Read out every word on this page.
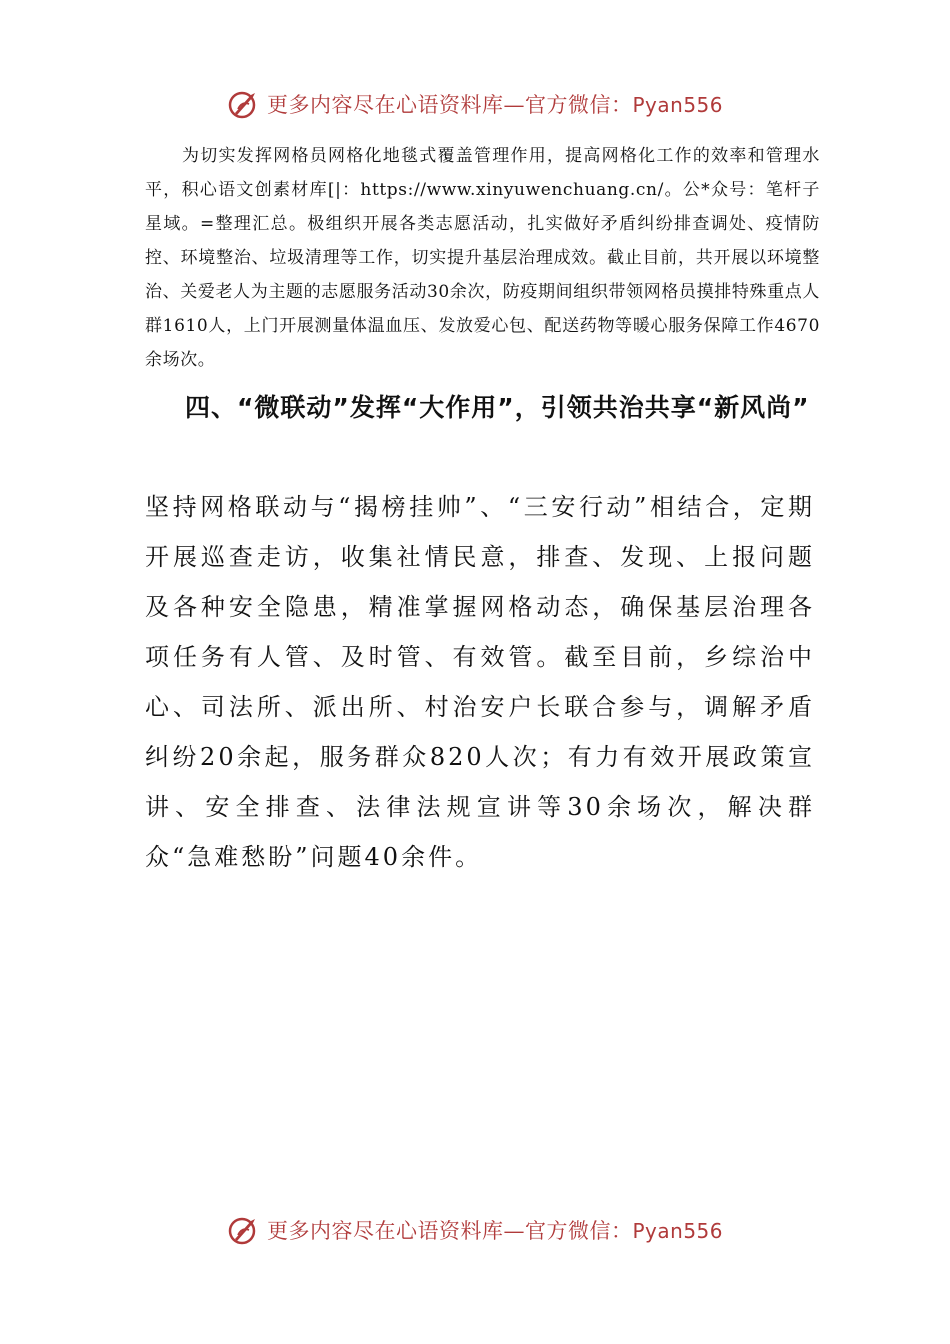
更多内容尽在心语资料库—官方微信：Pyan556
为切实发挥网格员网格化地毯式覆盖管理作用，提高网格化工作的效率和管理水平，积心语文创素材库[|：https://www.xinyuwenchuang.cn/。公*众号：笔杆子星域。=整理汇总。极组织开展各类志愿活动，扎实做好矛盾纠纷排查调处、疫情防控、环境整治、垃圾清理等工作，切实提升基层治理成效。截止目前，共开展以环境整治、关爱老人为主题的志愿服务活动30余次，防疫期间组织带领网格员摸排特殊重点人群1610人，上门开展测量体温血压、发放爱心包、配送药物等暖心服务保障工作4670余场次。
四、“微联动”发挥“大作用”，引领共治共享“新风尚”
坚持网格联动与“揭榜挂帅”、“三安行动”相结合，定期开展巡查走访，收集社情民意，排查、发现、上报问题及各种安全隐患，精准掌握网格动态，确保基层治理各项任务有人管、及时管、有效管。截至目前，乡综治中心、司法所、派出所、村治安户长联合参与，调解矛盾纠纷20余起，服务群众820人次；有力有效开展政策宣讲、安全排查、法律法规宣讲等30余场次，解决群众“急难愁盼”问题40余件。
更多内容尽在心语资料库—官方微信：Pyan556
